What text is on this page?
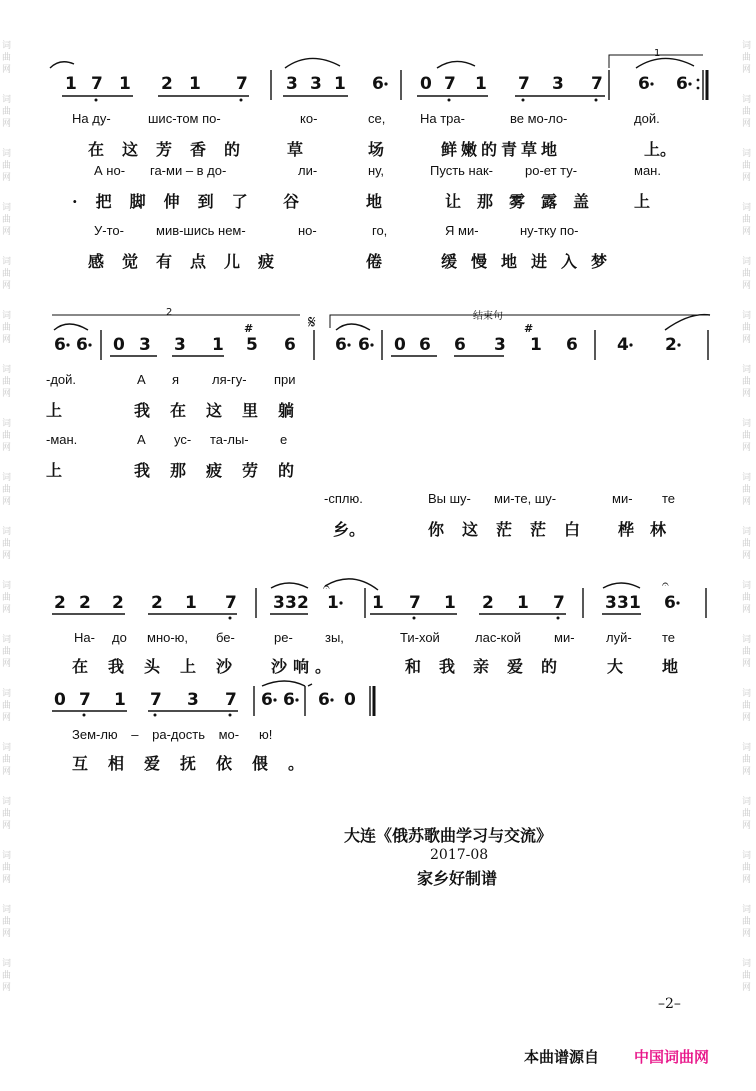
词
曲
网
词
曲
网
词
曲
网
词
曲
网
词
曲
网
词
曲
网
词
曲
网
词
曲
网
词
曲
网
词
曲
网
词
曲
网
词
曲
网
词
曲
网
词
曲
网
词
曲
网
词
曲
网
词
曲
网
词
曲
网
词
曲
网
词
曲
网
词
曲
网
词
曲
网
词
曲
网
词
曲
网
词
曲
网
词
曲
网
词
曲
网
词
曲
网
词
曲
网
词
曲
网
词
曲
网
词
曲
网
词
曲
网
词
曲
网
词
曲
网
词
曲
网
1 7 1 2 1 7 3 3 1 6 0 7 1 7 3 7 6 6
1
На ду-	шис-том по-	ко-	се,	На тра-	ве мо-ло-	дой.
在这芳香的 草	场	鲜嫩的青草地	上。
А но- га-ми – в до-	ли-	ну,	Пусть нак- ро-ет ту-	ман.
·把脚伸到了 谷	地	让那雾露盖 上
У-то- мив-шись нем-	но-	го,	Я ми-	ну-тку по-
感觉有点儿疲	倦	缓慢地进入梦
6 6 0 3 3 1 5 6 6 6 0 6 6 3 1 6 4 2
#	#
2	𝄋	结束句
-дой.	А я	ля-гу- при
上	我在这里躺
-ман.	А ус- та-лы- е
上	我那疲劳的
-сплю.	Вы шу- ми-те, шу-	ми- те
乡。	你这茫茫白 桦林
2 2 2 2 1 7 3 3 2 1 1 7 1 2 1 7 3 3 1 6
𝄐	𝄐
На- до мно-ю, бе-	ре- зы,	Ти-хой	лас-кой	ми- луй- те
在我头上沙 沙响。	和我亲爱的 大 地
0 7 1 7 3 7 6 6 6 0
Зем-лю – ра-дость мо- ю!
互相爱抚依偎。
大连《俄苏歌曲学习与交流》
2017-08
家乡好制谱
–2–
本曲谱源自 中国词曲网
